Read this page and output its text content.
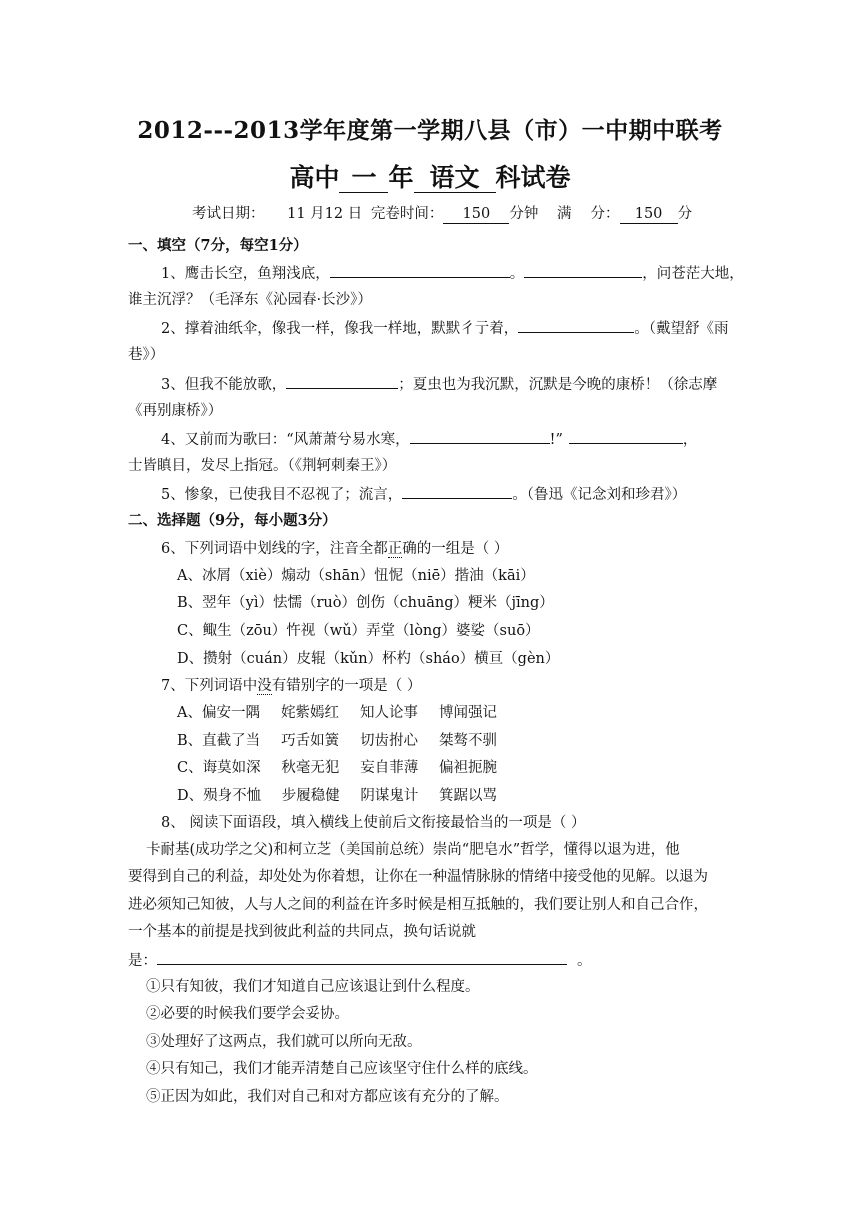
2012---2013学年度第一学期八县（市）一中期中联考
高中 一 年 语文 科试卷
考试日期： 11 月12 日 完卷时间： 150 分钟 满　 分： 150 分
一、填空（7分，每空1分）
1、鹰击长空，鱼翔浅底，	。	，问苍茫大地，
谁主沉浮？（毛泽东《沁园春·长沙》）
2、撑着油纸伞，像我一样，像我一样地，默默彳亍着，	。（戴望舒《雨
巷》）
3、但我不能放歌，	；夏虫也为我沉默，沉默是今晚的康桥！（徐志摩
《再别康桥》）
4、又前而为歌曰：“风萧萧兮易水寒，	!”	，
士皆瞋目，发尽上指冠。（《荆轲刺秦王》）
5、惨象，已使我目不忍视了；流言，	。（鲁迅《记念刘和珍君》）
二、选择题（9分，每小题3分）
6、下列词语中划线的字，注音全都正确的一组是（ ）
A、冰屑（xiè）煽动（shān）忸怩（niē）揩油（kāi）
B、翌年（yì）怯懦（ruò）创伤（chuāng）粳米（jīng）
C、鲰生（zōu）忤视（wǔ）弄堂（lòng）婆娑（suō）
D、攒射（cuán）皮辊（kǔn）杯杓（sháo）横亘（gèn）
7、下列词语中没有错别字的一项是（ ）
A、偏安一隅 姹紫嫣红 知人论事 博闻强记
B、直截了当 巧舌如簧 切齿拊心 桀骜不驯
C、诲莫如深 秋毫无犯 妄自菲薄 偏袒扼腕
D、殒身不恤 步履稳健 阴谋鬼计 箕踞以骂
8、 阅读下面语段，填入横线上使前后文衔接最恰当的一项是（ ）
卡耐基(成功学之父)和柯立芝（美国前总统）崇尚“肥皂水”哲学，懂得以退为进，他
要得到自己的利益，却处处为你着想，让你在一种温情脉脉的情绪中接受他的见解。以退为
进必须知己知彼，人与人之间的利益在许多时候是相互抵触的，我们要让别人和自己合作，
一个基本的前提是找到彼此利益的共同点，换句话说就
是：	。
①只有知彼，我们才知道自己应该退让到什么程度。
②必要的时候我们要学会妥协。
③处理好了这两点，我们就可以所向无敌。
④只有知己，我们才能弄清楚自己应该坚守住什么样的底线。
⑤正因为如此，我们对自己和对方都应该有充分的了解。
